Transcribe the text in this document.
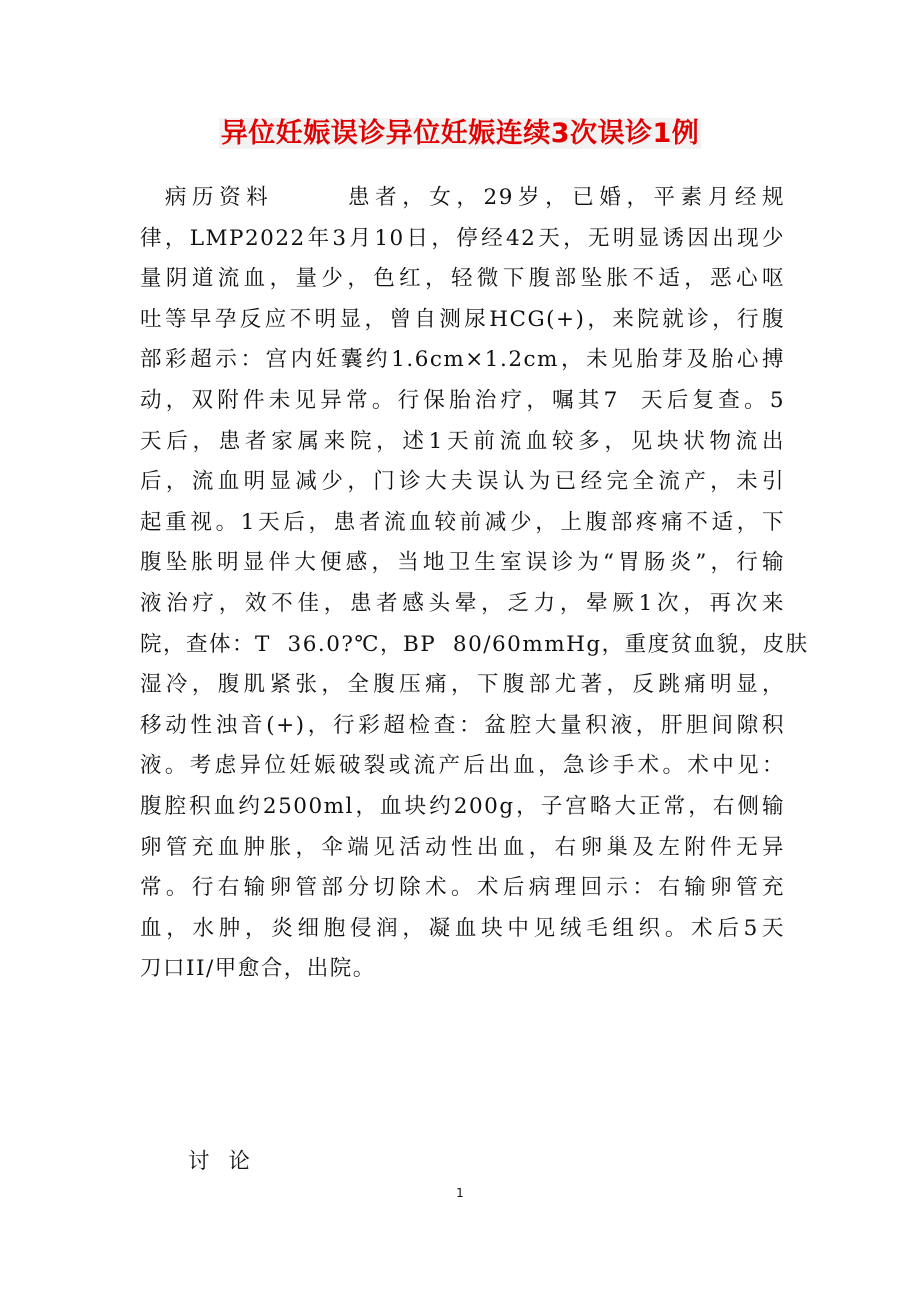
异位妊娠误诊异位妊娠连续3次误诊1例
病历资料      患者，女，29岁，已婚，平素月经规
律，LMP2022年3月10日，停经42天，无明显诱因出现少
量阴道流血，量少，色红，轻微下腹部坠胀不适，恶心呕
吐等早孕反应不明显，曾自测尿HCG(+)，来院就诊，行腹
部彩超示：宫内妊囊约1.6cm×1.2cm，未见胎芽及胎心搏
动，双附件未见异常。行保胎治疗，嘱其7  天后复查。5
天后，患者家属来院，述1天前流血较多，见块状物流出
后，流血明显减少，门诊大夫误认为已经完全流产，未引
起重视。1天后，患者流血较前减少，上腹部疼痛不适，下
腹坠胀明显伴大便感，当地卫生室误诊为“胃肠炎”，行输
液治疗，效不佳，患者感头晕，乏力，晕厥1次，再次来
院，查体：T  36.0?℃，BP  80/60mmHg，重度贫血貌，皮肤
湿冷，腹肌紧张，全腹压痛，下腹部尤著，反跳痛明显，
移动性浊音(+)，行彩超检查：盆腔大量积液，肝胆间隙积
液。考虑异位妊娠破裂或流产后出血，急诊手术。术中见：
腹腔积血约2500ml，血块约200g，子宫略大正常，右侧输
卵管充血肿胀，伞端见活动性出血，右卵巢及左附件无异
常。行右输卵管部分切除术。术后病理回示：右输卵管充
血，水肿，炎细胞侵润，凝血块中见绒毛组织。术后5天
刀口II/甲愈合，出院。
讨 论
1
